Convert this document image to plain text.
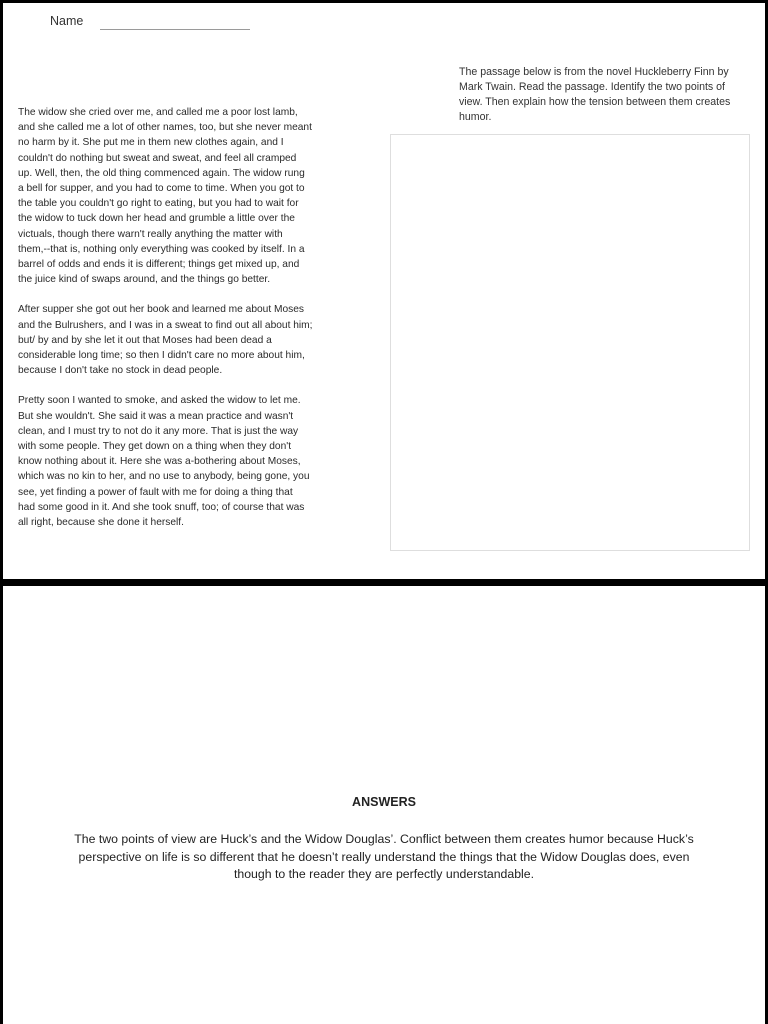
Name
The passage below is from the novel Huckleberry Finn by Mark Twain. Read the passage. Identify the two points of view. Then explain how the tension between them creates humor.

The widow she cried over me, and called me a poor lost lamb,
and she called me a lot of other names, too, but she never meant
no harm by it. She put me in them new clothes again, and I
couldn't do nothing but sweat and sweat, and feel all cramped
up. Well, then, the old thing commenced again. The widow rung
a bell for supper, and you had to come to time. When you got to
the table you couldn't go right to eating, but you had to wait for
the widow to tuck down her head and grumble a little over the
victuals, though there warn't really anything the matter with
them,--that is, nothing only everything was cooked by itself. In a
barrel of odds and ends it is different; things get mixed up, and
the juice kind of swaps around, and the things go better.

After supper she got out her book and learned me about Moses
and the Bulrushers, and I was in a sweat to find out all about him;
but/ by and by she let it out that Moses had been dead a
considerable long time; so then I didn't care no more about him,
because I don't take no stock in dead people.

Pretty soon I wanted to smoke, and asked the widow to let me.
But she wouldn't. She said it was a mean practice and wasn't
clean, and I must try to not do it any more. That is just the way
with some people. They get down on a thing when they don't
know nothing about it. Here she was a-bothering about Moses,
which was no kin to her, and no use to anybody, being gone, you
see, yet finding a power of fault with me for doing a thing that
had some good in it. And she took snuff, too; of course that was
all right, because she done it herself.

ANSWERS
The two points of view are Huck’s and the Widow Douglas’. Conflict between them creates humor because Huck’s
perspective on life is so different that he doesn’t really understand the things that the Widow Douglas does, even
though to the reader they are perfectly understandable.
